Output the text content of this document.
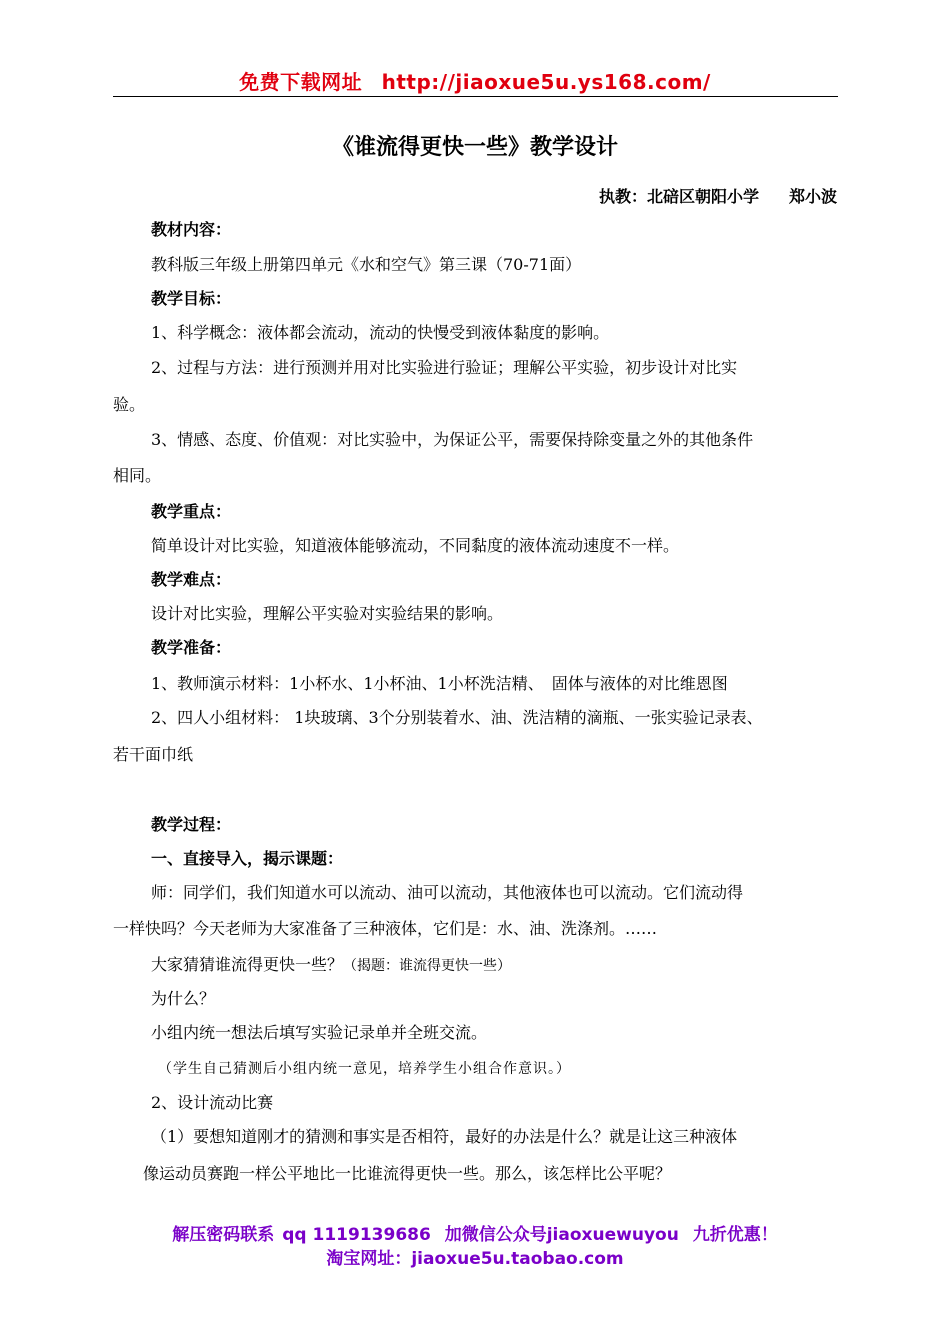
免费下载网址 http://jiaoxue5u.ys168.com/
《谁流得更快一些》教学设计
执教：北碚区朝阳小学 郑小波
教材内容：
教科版三年级上册第四单元《水和空气》第三课（70-71面）
教学目标：
1、科学概念：液体都会流动，流动的快慢受到液体黏度的影响。
2、过程与方法：进行预测并用对比实验进行验证；理解公平实验，初步设计对比实
验。
3、情感、态度、价值观：对比实验中，为保证公平，需要保持除变量之外的其他条件
相同。
教学重点：
简单设计对比实验，知道液体能够流动，不同黏度的液体流动速度不一样。
教学难点：
设计对比实验，理解公平实验对实验结果的影响。
教学准备：
1、教师演示材料：1小杯水、1小杯油、1小杯洗洁精、　固体与液体的对比维恩图
2、四人小组材料： 1块玻璃、3个分别装着水、油、洗洁精的滴瓶、一张实验记录表、
若干面巾纸
教学过程：
一、直接导入，揭示课题：
师：同学们，我们知道水可以流动、油可以流动，其他液体也可以流动。它们流动得
一样快吗？今天老师为大家准备了三种液体，它们是：水、油、洗涤剂。……
大家猜猜谁流得更快一些？（揭题：谁流得更快一些）
为什么？
小组内统一想法后填写实验记录单并全班交流。
（学生自己猜测后小组内统一意见，培养学生小组合作意识。）
2、设计流动比赛
（1）要想知道刚才的猜测和事实是否相符，最好的办法是什么？就是让这三种液体
像运动员赛跑一样公平地比一比谁流得更快一些。那么，该怎样比公平呢？
解压密码联系 qq 1119139686 加微信公众号jiaoxuewuyou 九折优惠！
淘宝网址：jiaoxue5u.taobao.com
